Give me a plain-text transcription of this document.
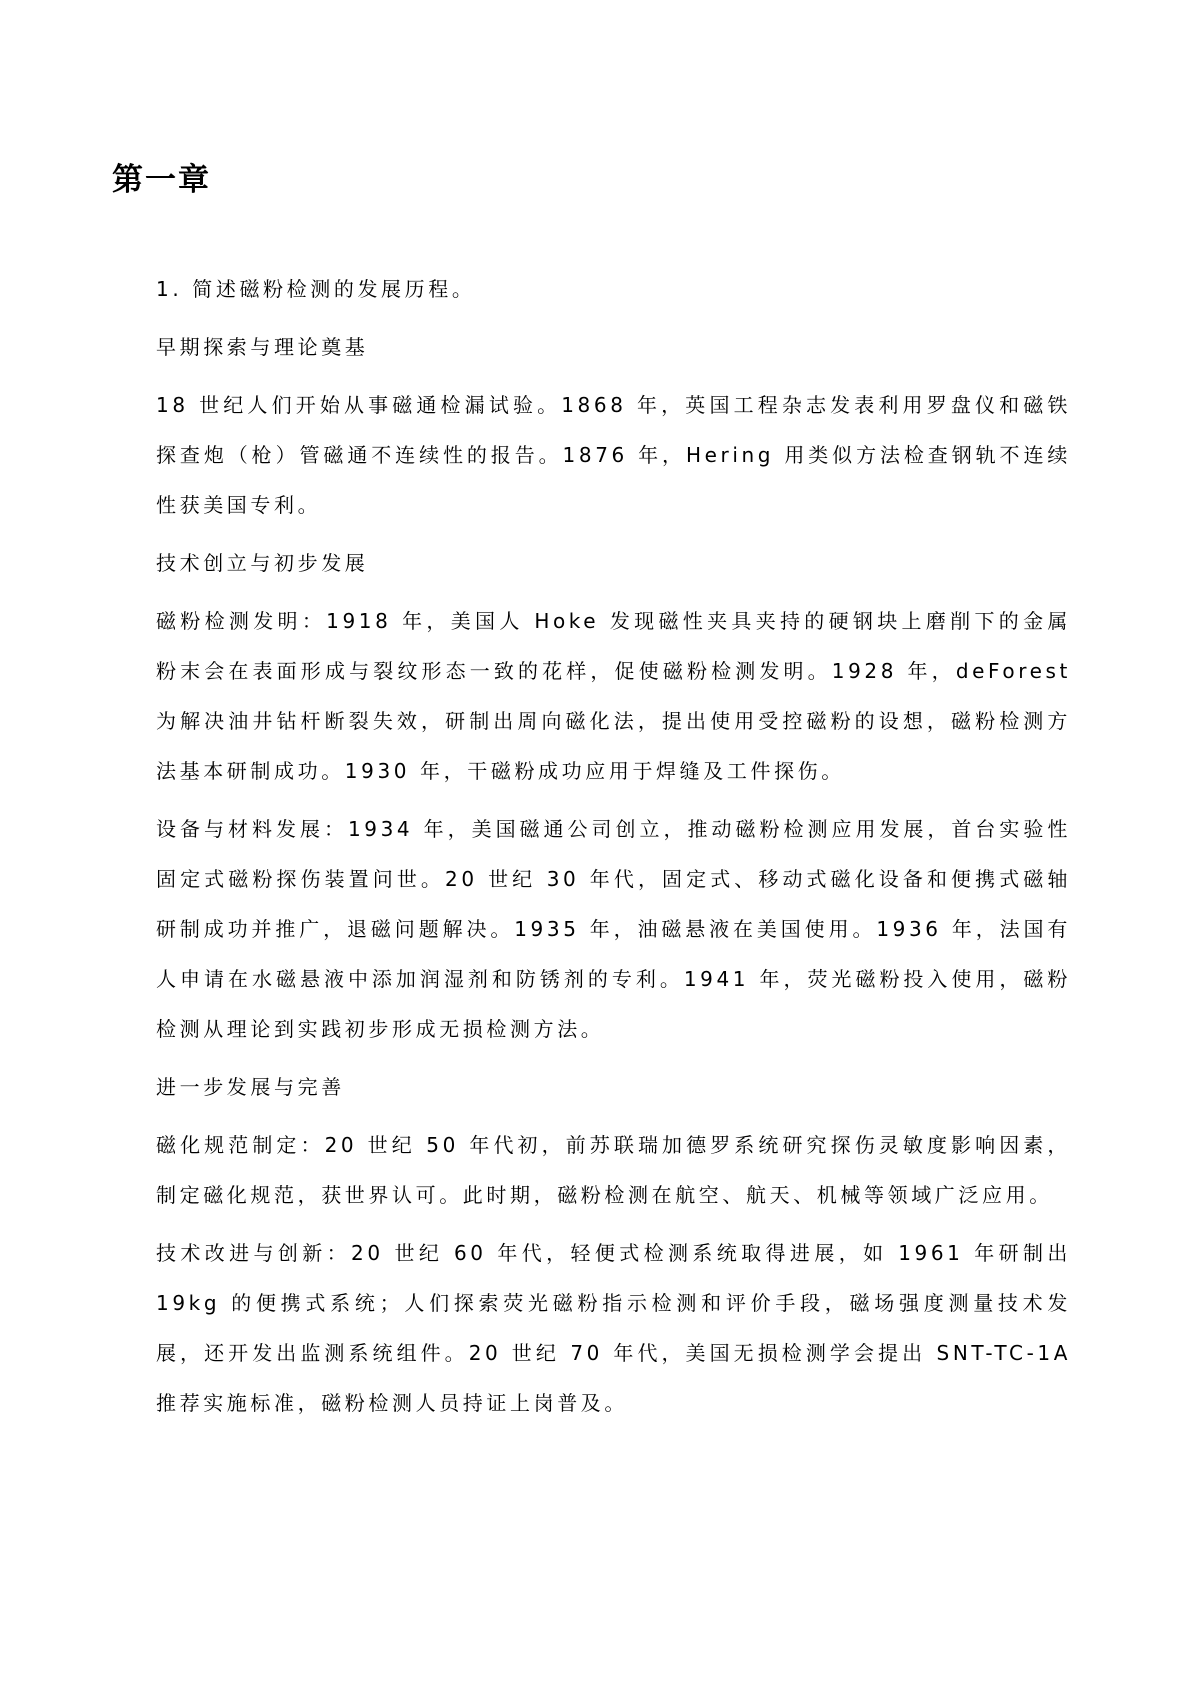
第一章

1. 简述磁粉检测的发展历程。

早期探索与理论奠基

18 世纪人们开始从事磁通检漏试验。1868 年，英国工程杂志发表利用罗盘仪和磁铁探查炮（枪）管磁通不连续性的报告。1876 年，Hering 用类似方法检查钢轨不连续性获美国专利。

技术创立与初步发展

磁粉检测发明：1918 年，美国人 Hoke 发现磁性夹具夹持的硬钢块上磨削下的金属粉末会在表面形成与裂纹形态一致的花样，促使磁粉检测发明。1928 年，deForest 为解决油井钻杆断裂失效，研制出周向磁化法，提出使用受控磁粉的设想，磁粉检测方法基本研制成功。1930 年，干磁粉成功应用于焊缝及工件探伤。

设备与材料发展：1934 年，美国磁通公司创立，推动磁粉检测应用发展，首台实验性固定式磁粉探伤装置问世。20 世纪 30 年代，固定式、移动式磁化设备和便携式磁轴研制成功并推广，退磁问题解决。1935 年，油磁悬液在美国使用。1936 年，法国有人申请在水磁悬液中添加润湿剂和防锈剂的专利。1941 年，荧光磁粉投入使用，磁粉检测从理论到实践初步形成无损检测方法。

进一步发展与完善

磁化规范制定：20 世纪 50 年代初，前苏联瑞加德罗系统研究探伤灵敏度影响因素，制定磁化规范，获世界认可。此时期，磁粉检测在航空、航天、机械等领域广泛应用。

技术改进与创新：20 世纪 60 年代，轻便式检测系统取得进展，如 1961 年研制出 19kg 的便携式系统；人们探索荧光磁粉指示检测和评价手段，磁场强度测量技术发展，还开发出监测系统组件。20 世纪 70 年代，美国无损检测学会提出 SNT-TC-1A 推荐实施标准，磁粉检测人员持证上岗普及。
